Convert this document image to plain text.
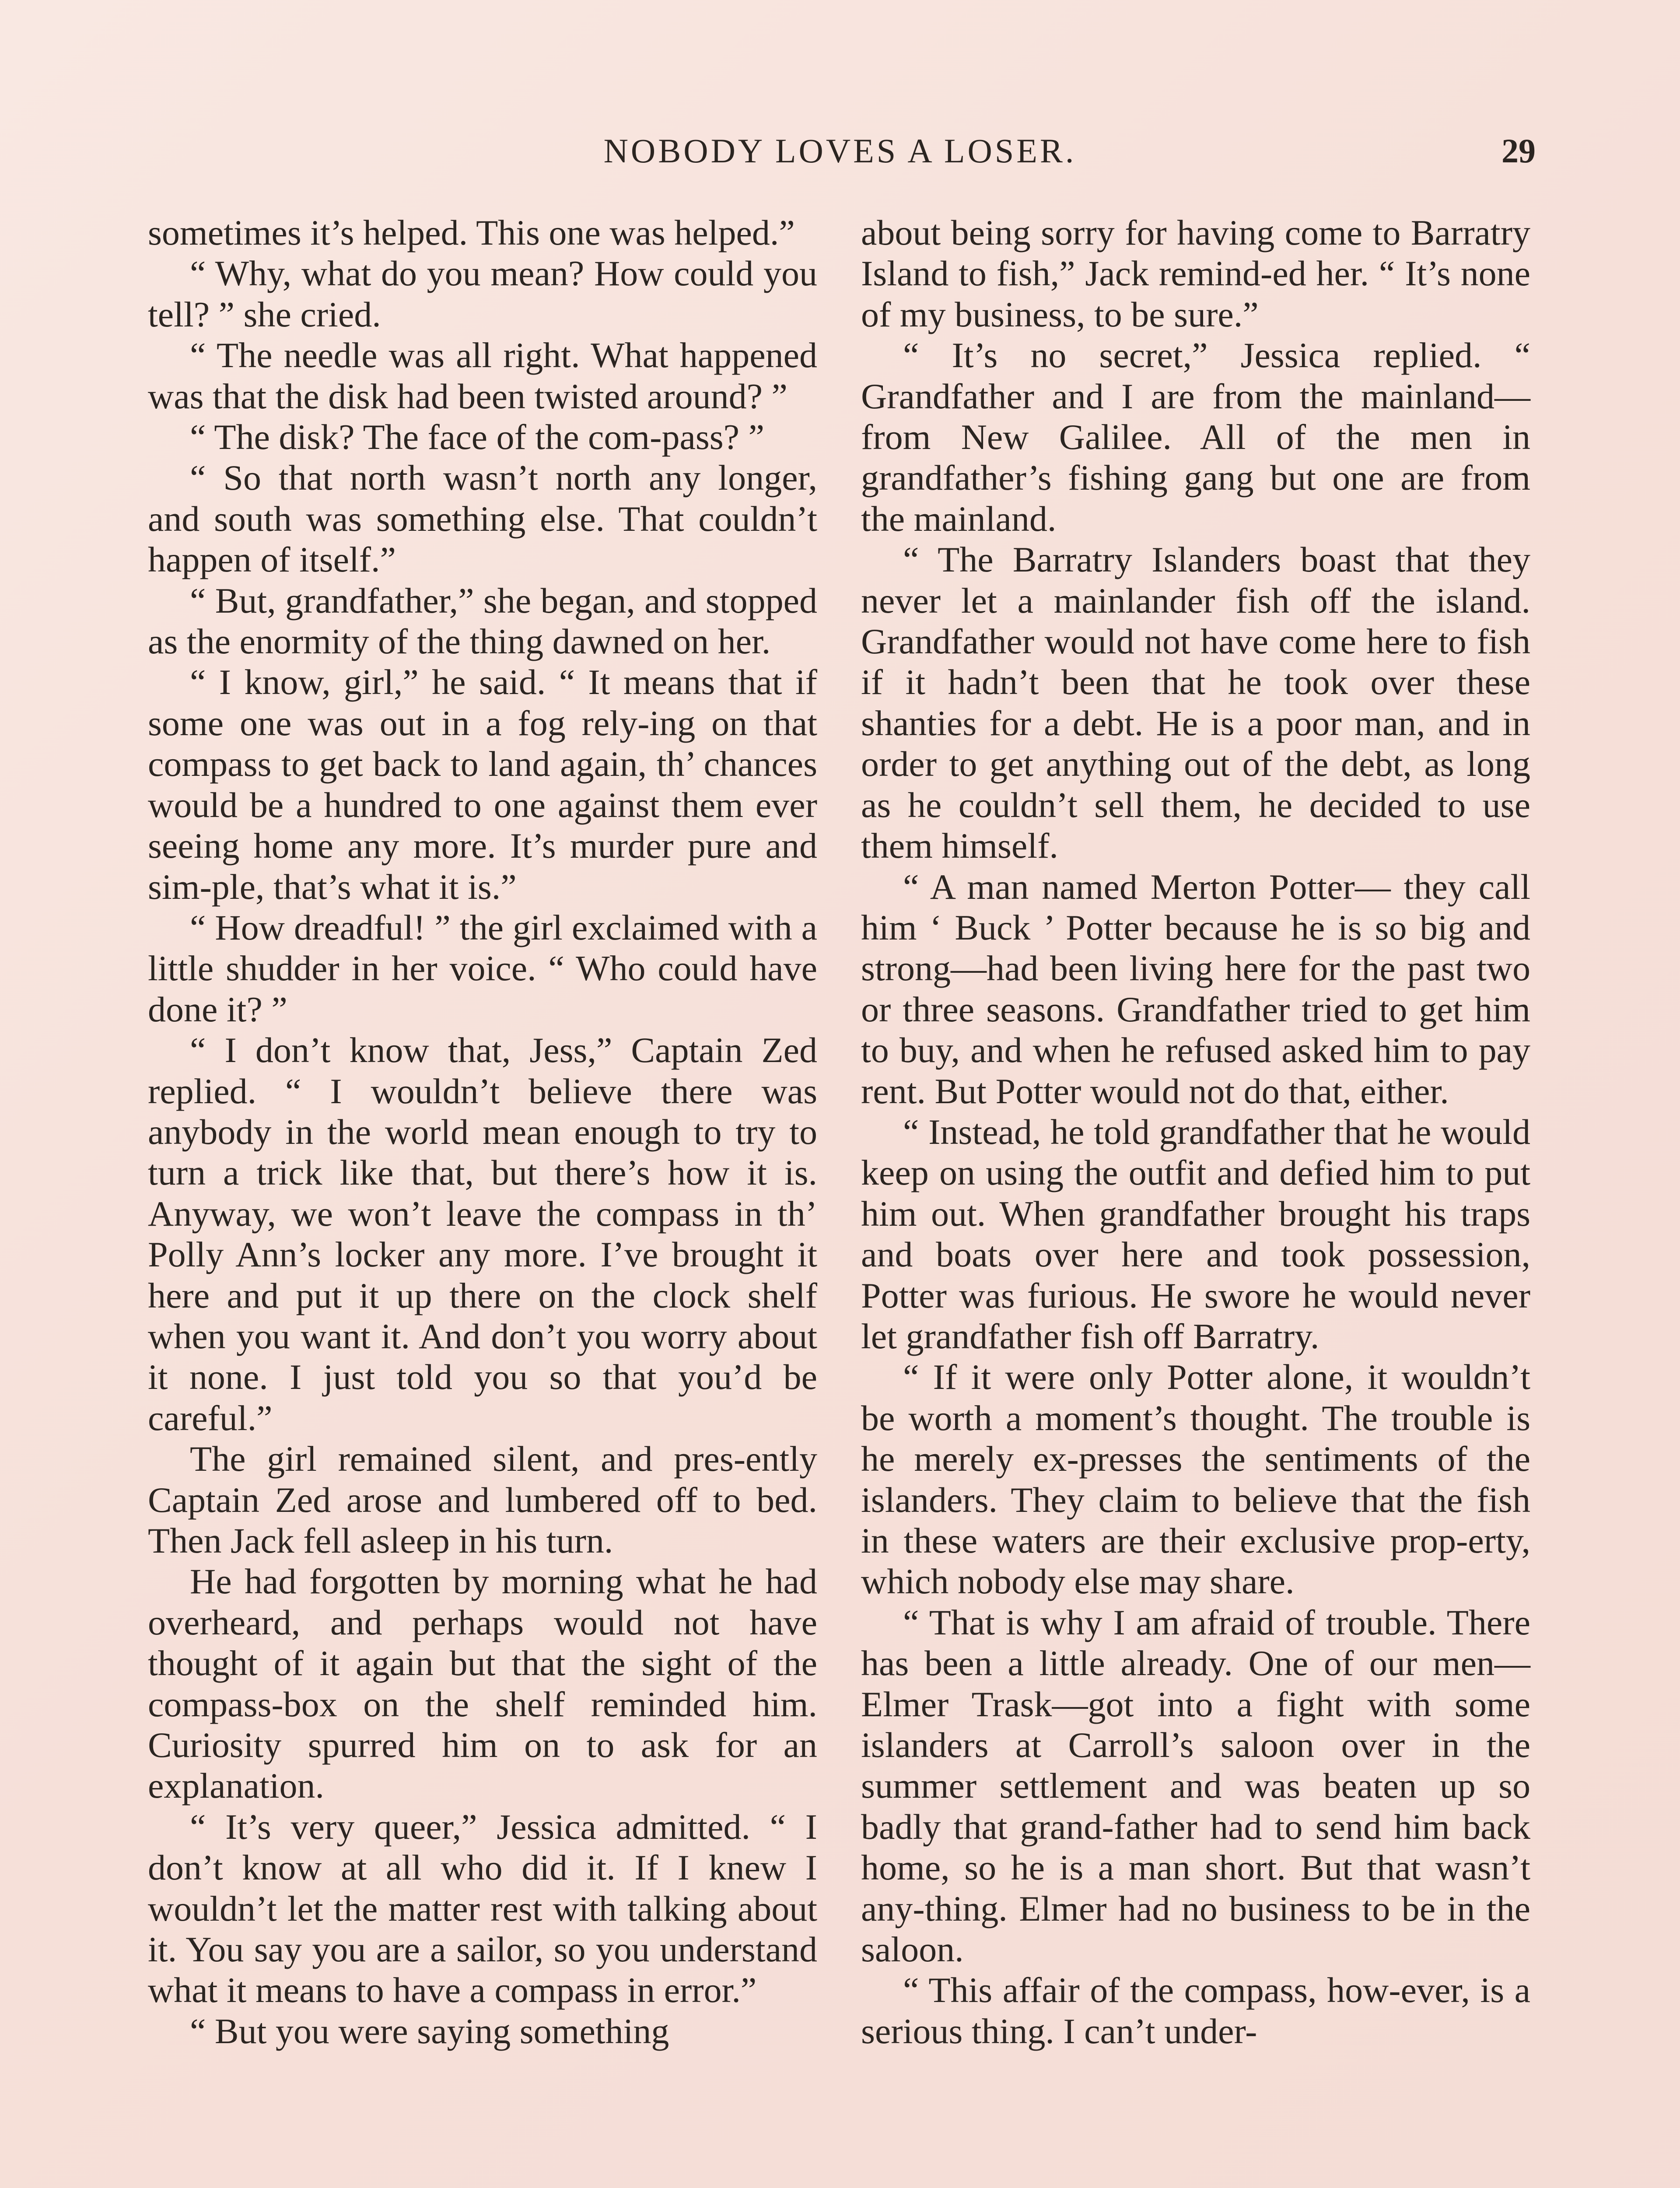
NOBODY LOVES A LOSER.	29

sometimes it’s helped. This one was helped.”

“ Why, what do you mean? How could you tell? ” she cried.

“ The needle was all right. What happened was that the disk had been twisted around? ”

“ The disk? The face of the com-pass? ”

“ So that north wasn’t north any longer, and south was something else. That couldn’t happen of itself.”

“ But, grandfather,” she began, and stopped as the enormity of the thing dawned on her.

“ I know, girl,” he said. “ It means that if some one was out in a fog rely-ing on that compass to get back to land again, th’ chances would be a hundred to one against them ever seeing home any more. It’s murder pure and sim-ple, that’s what it is.”

“ How dreadful! ” the girl exclaimed with a little shudder in her voice. “ Who could have done it? ”

“ I don’t know that, Jess,” Captain Zed replied. “ I wouldn’t believe there was anybody in the world mean enough to try to turn a trick like that, but there’s how it is. Anyway, we won’t leave the compass in th’ Polly Ann’s locker any more. I’ve brought it here and put it up there on the clock shelf when you want it. And don’t you worry about it none. I just told you so that you’d be careful.”

The girl remained silent, and pres-ently Captain Zed arose and lumbered off to bed. Then Jack fell asleep in his turn.

He had forgotten by morning what he had overheard, and perhaps would not have thought of it again but that the sight of the compass-box on the shelf reminded him. Curiosity spurred him on to ask for an explanation.

“ It’s very queer,” Jessica admitted. “ I don’t know at all who did it. If I knew I wouldn’t let the matter rest with talking about it. You say you are a sailor, so you understand what it means to have a compass in error.”

“ But you were saying something

about being sorry for having come to Barratry Island to fish,” Jack remind-ed her. “ It’s none of my business, to be sure.”

“ It’s no secret,” Jessica replied. “ Grandfather and I are from the mainland—from New Galilee. All of the men in grandfather’s fishing gang but one are from the mainland.

“ The Barratry Islanders boast that they never let a mainlander fish off the island. Grandfather would not have come here to fish if it hadn’t been that he took over these shanties for a debt. He is a poor man, and in order to get anything out of the debt, as long as he couldn’t sell them, he decided to use them himself.

“ A man named Merton Potter— they call him ‘ Buck ’ Potter because he is so big and strong—had been living here for the past two or three seasons. Grandfather tried to get him to buy, and when he refused asked him to pay rent. But Potter would not do that, either.

“ Instead, he told grandfather that he would keep on using the outfit and defied him to put him out. When grandfather brought his traps and boats over here and took possession, Potter was furious. He swore he would never let grandfather fish off Barratry.

“ If it were only Potter alone, it wouldn’t be worth a moment’s thought. The trouble is he merely ex-presses the sentiments of the islanders. They claim to believe that the fish in these waters are their exclusive prop-erty, which nobody else may share.

“ That is why I am afraid of trouble. There has been a little already. One of our men—Elmer Trask—got into a fight with some islanders at Carroll’s saloon over in the summer settlement and was beaten up so badly that grand-father had to send him back home, so he is a man short. But that wasn’t any-thing. Elmer had no business to be in the saloon.

“ This affair of the compass, how-ever, is a serious thing. I can’t under-
